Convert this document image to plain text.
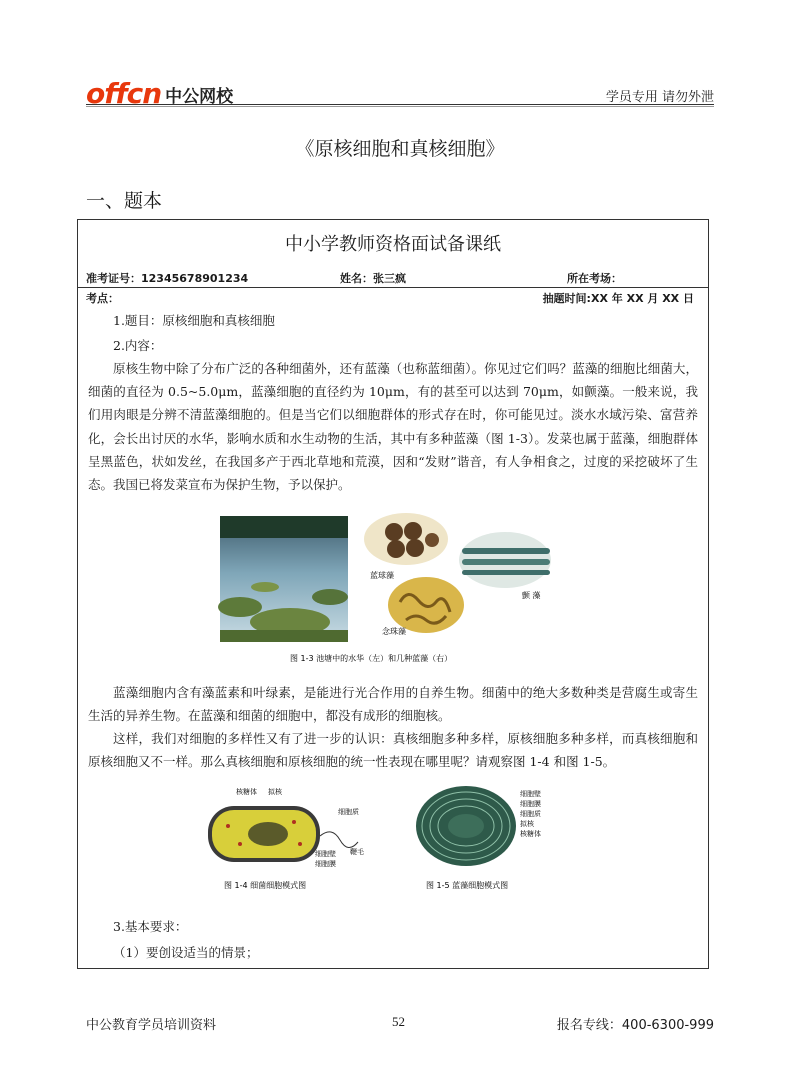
offcn 中公网校	学员专用 请勿外泄
《原核细胞和真核细胞》
一、题本
中小学教师资格面试备课纸
准考证号：12345678901234	姓名：张三疯	所在考场：
考点：	抽题时间:XX 年 XX 月 XX 日
1.题目：原核细胞和真核细胞
2.内容：
原核生物中除了分布广泛的各种细菌外，还有蓝藻（也称蓝细菌）。你见过它们吗？蓝藻的细胞比细菌大，细菌的直径为 0.5~5.0μm，蓝藻细胞的直径约为 10μm，有的甚至可以达到 70μm，如颤藻。一般来说，我们用肉眼是分辨不清蓝藻细胞的。但是当它们以细胞群体的形式存在时，你可能见过。淡水水域污染、富营养化，会长出讨厌的水华，影响水质和水生动物的生活，其中有多种蓝藻（图 1-3）。发菜也属于蓝藻，细胞群体呈黑蓝色，状如发丝，在我国多产于西北草地和荒漠，因和“发财”谐音，有人争相食之，过度的采挖破坏了生态。我国已将发菜宣布为保护生物，予以保护。
蓝球藻
颤 藻
念珠藻
图 1-3 池塘中的水华（左）和几种蓝藻（右）
蓝藻细胞内含有藻蓝素和叶绿素，是能进行光合作用的自养生物。细菌中的绝大多数种类是营腐生或寄生生活的异养生物。在蓝藻和细菌的细胞中，都没有成形的细胞核。
这样，我们对细胞的多样性又有了进一步的认识：真核细胞多种多样，原核细胞多种多样，而真核细胞和原核细胞又不一样。那么真核细胞和原核细胞的统一性表现在哪里呢？请观察图 1-4 和图 1-5。
核糖体 拟核
细胞质
细胞壁
细胞膜
鞭毛
图 1-4 细菌细胞模式图
细胞壁
细胞膜
细胞质
拟核
核糖体
图 1-5 蓝藻细胞模式图
3.基本要求：
（1）要创设适当的情景；
中公教育学员培训资料	52	报名专线：400-6300-999
